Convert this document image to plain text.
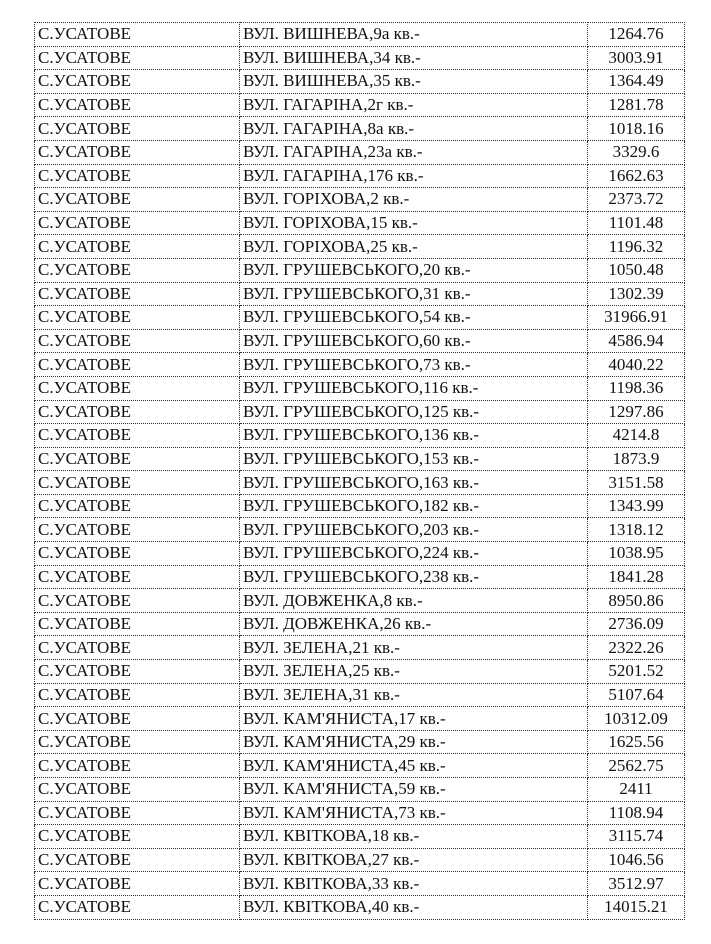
С.УСАТОВЕ	ВУЛ. ВИШНЕВА,9а кв.-	1264.76
С.УСАТОВЕ	ВУЛ. ВИШНЕВА,34 кв.-	3003.91
С.УСАТОВЕ	ВУЛ. ВИШНЕВА,35 кв.-	1364.49
С.УСАТОВЕ	ВУЛ. ГАГАРІНА,2г кв.-	1281.78
С.УСАТОВЕ	ВУЛ. ГАГАРІНА,8а кв.-	1018.16
С.УСАТОВЕ	ВУЛ. ГАГАРІНА,23а кв.-	3329.6
С.УСАТОВЕ	ВУЛ. ГАГАРІНА,176 кв.-	1662.63
С.УСАТОВЕ	ВУЛ. ГОРІХОВА,2 кв.-	2373.72
С.УСАТОВЕ	ВУЛ. ГОРІХОВА,15 кв.-	1101.48
С.УСАТОВЕ	ВУЛ. ГОРІХОВА,25 кв.-	1196.32
С.УСАТОВЕ	ВУЛ. ГРУШЕВСЬКОГО,20 кв.-	1050.48
С.УСАТОВЕ	ВУЛ. ГРУШЕВСЬКОГО,31 кв.-	1302.39
С.УСАТОВЕ	ВУЛ. ГРУШЕВСЬКОГО,54 кв.-	31966.91
С.УСАТОВЕ	ВУЛ. ГРУШЕВСЬКОГО,60 кв.-	4586.94
С.УСАТОВЕ	ВУЛ. ГРУШЕВСЬКОГО,73 кв.-	4040.22
С.УСАТОВЕ	ВУЛ. ГРУШЕВСЬКОГО,116 кв.-	1198.36
С.УСАТОВЕ	ВУЛ. ГРУШЕВСЬКОГО,125 кв.-	1297.86
С.УСАТОВЕ	ВУЛ. ГРУШЕВСЬКОГО,136 кв.-	4214.8
С.УСАТОВЕ	ВУЛ. ГРУШЕВСЬКОГО,153 кв.-	1873.9
С.УСАТОВЕ	ВУЛ. ГРУШЕВСЬКОГО,163 кв.-	3151.58
С.УСАТОВЕ	ВУЛ. ГРУШЕВСЬКОГО,182 кв.-	1343.99
С.УСАТОВЕ	ВУЛ. ГРУШЕВСЬКОГО,203 кв.-	1318.12
С.УСАТОВЕ	ВУЛ. ГРУШЕВСЬКОГО,224 кв.-	1038.95
С.УСАТОВЕ	ВУЛ. ГРУШЕВСЬКОГО,238 кв.-	1841.28
С.УСАТОВЕ	ВУЛ. ДОВЖЕНКА,8 кв.-	8950.86
С.УСАТОВЕ	ВУЛ. ДОВЖЕНКА,26 кв.-	2736.09
С.УСАТОВЕ	ВУЛ. ЗЕЛЕНА,21 кв.-	2322.26
С.УСАТОВЕ	ВУЛ. ЗЕЛЕНА,25 кв.-	5201.52
С.УСАТОВЕ	ВУЛ. ЗЕЛЕНА,31 кв.-	5107.64
С.УСАТОВЕ	ВУЛ. КАМ'ЯНИСТА,17 кв.-	10312.09
С.УСАТОВЕ	ВУЛ. КАМ'ЯНИСТА,29 кв.-	1625.56
С.УСАТОВЕ	ВУЛ. КАМ'ЯНИСТА,45 кв.-	2562.75
С.УСАТОВЕ	ВУЛ. КАМ'ЯНИСТА,59 кв.-	2411
С.УСАТОВЕ	ВУЛ. КАМ'ЯНИСТА,73 кв.-	1108.94
С.УСАТОВЕ	ВУЛ. КВІТКОВА,18 кв.-	3115.74
С.УСАТОВЕ	ВУЛ. КВІТКОВА,27 кв.-	1046.56
С.УСАТОВЕ	ВУЛ. КВІТКОВА,33 кв.-	3512.97
С.УСАТОВЕ	ВУЛ. КВІТКОВА,40 кв.-	14015.21
